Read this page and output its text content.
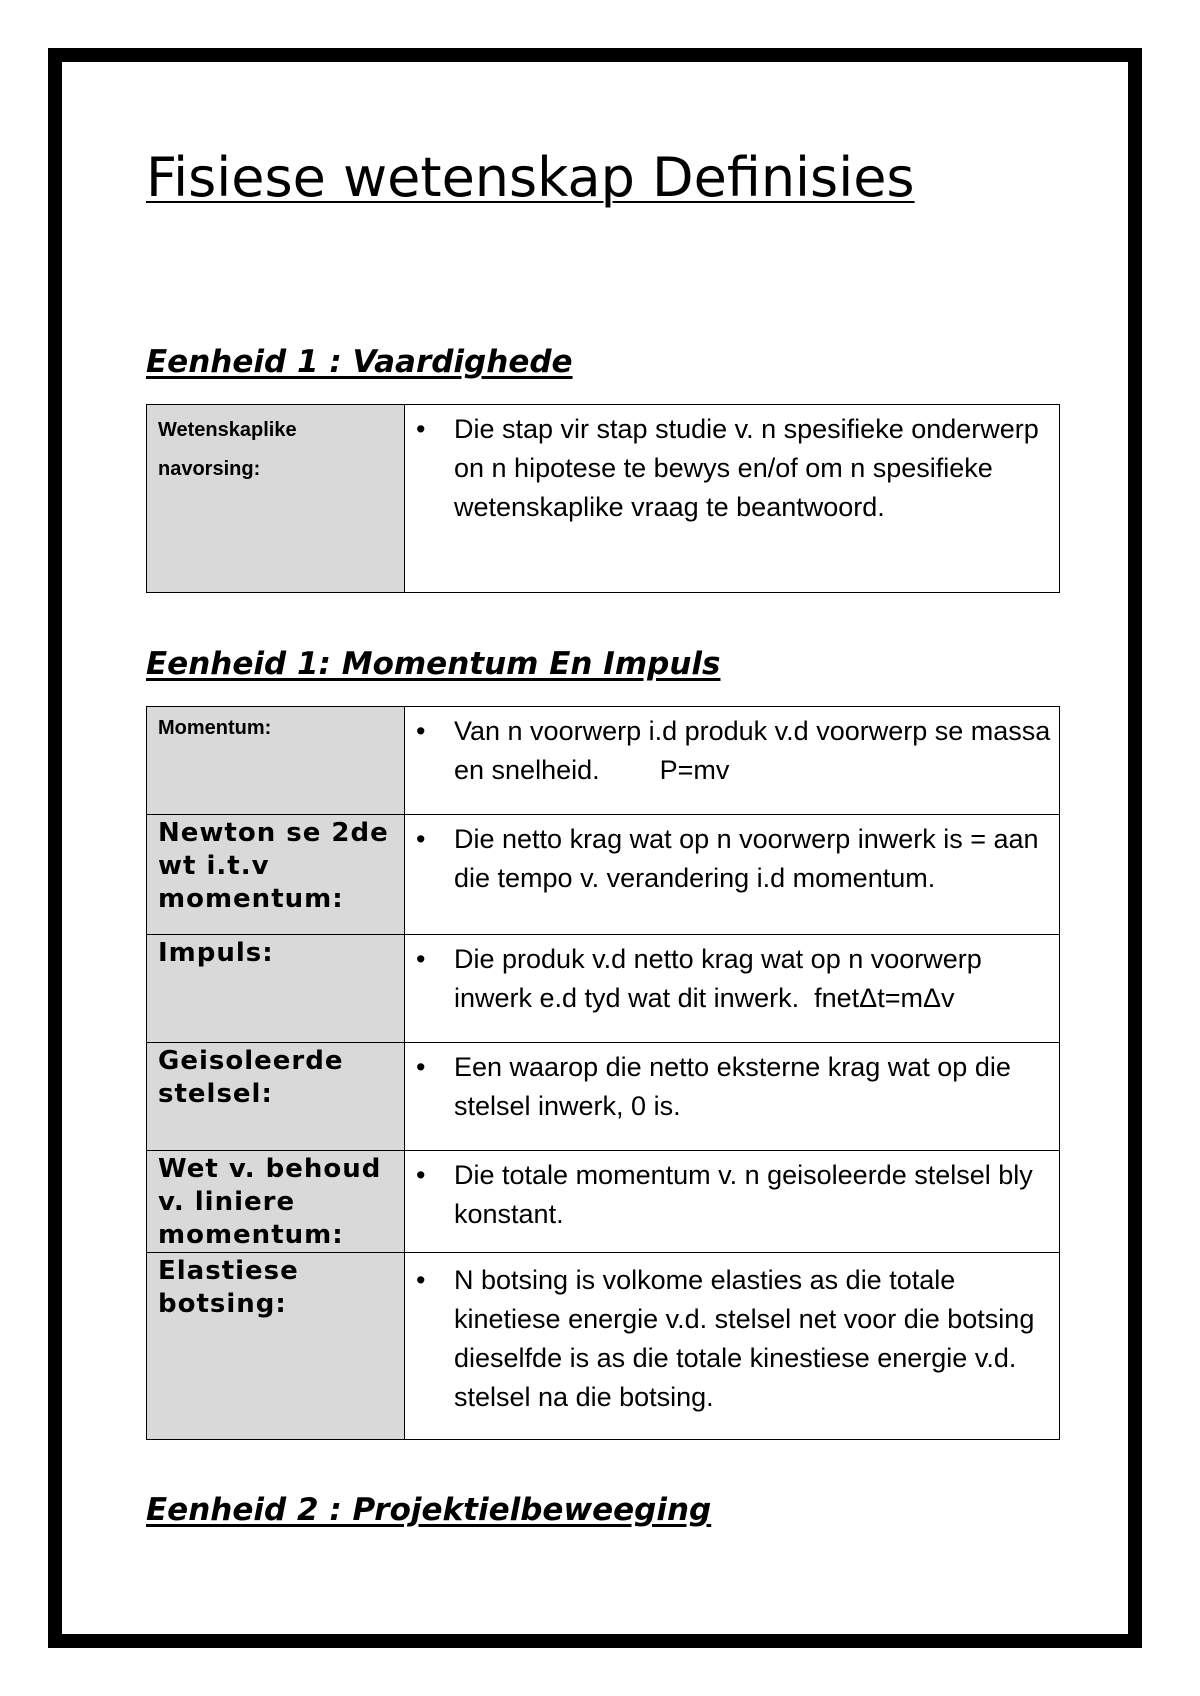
Fisiese wetenskap Definisies
Eenheid 1 : Vaardighede
Wetenskaplike navorsing:

•	Die stap vir stap studie v. n spesifieke onderwerp on n hipotese te bewys en/of om n spesifieke wetenskaplike vraag te beantwoord.
Eenheid 1: Momentum En Impuls
Momentum:	• Van n voorwerp i.d produk v.d voorwerp se massa en snelheid.        P=mv

Newton se 2de wt i.t.v momentum:	• Die netto krag wat op n voorwerp inwerk is = aan die tempo v. verandering i.d momentum.

Impuls:	• Die produk v.d netto krag wat op n voorwerp inwerk e.d tyd wat dit inwerk.  fnetΔt=mΔv

Geisoleerde stelsel:	• Een waarop die netto eksterne krag wat op die stelsel inwerk, 0 is.

Wet v. behoud v. liniere momentum:	• Die totale momentum v. n geisoleerde stelsel bly konstant.

Elastiese botsing:	• N botsing is volkome elasties as die totale kinetiese energie v.d. stelsel net voor die botsing dieselfde is as die totale kinestiese energie v.d. stelsel na die botsing.
Eenheid 2 : Projektielbeweeging
